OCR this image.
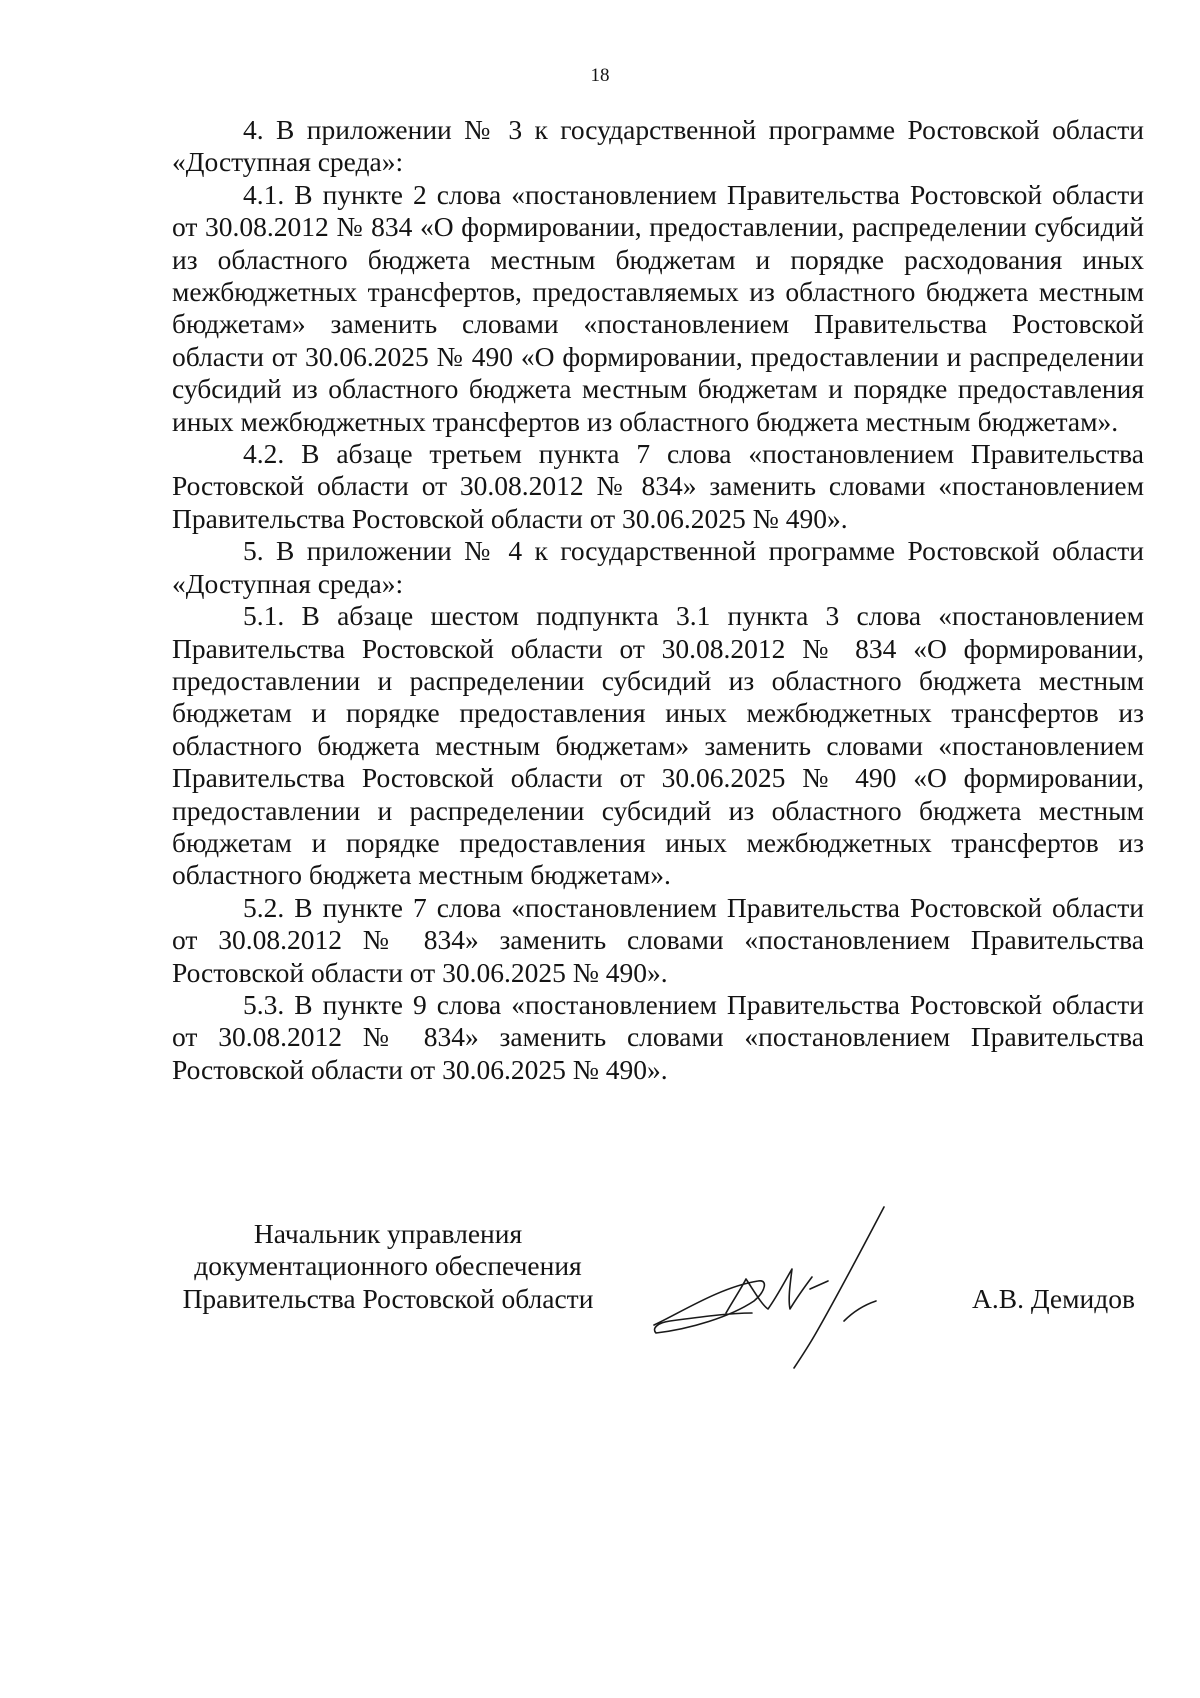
18

4. В приложении № 3 к государственной программе Ростовской области «Доступная среда»:

4.1. В пункте 2 слова «постановлением Правительства Ростовской области от 30.08.2012 № 834 «О формировании, предоставлении, распределении субсидий из областного бюджета местным бюджетам и порядке расходования иных межбюджетных трансфертов, предоставляемых из областного бюджета местным бюджетам» заменить словами «постановлением Правительства Ростовской области от 30.06.2025 № 490 «О формировании, предоставлении и распределении субсидий из областного бюджета местным бюджетам и порядке предоставления иных межбюджетных трансфертов из областного бюджета местным бюджетам».

4.2. В абзаце третьем пункта 7 слова «постановлением Правительства Ростовской области от 30.08.2012 № 834» заменить словами «постановлением Правительства Ростовской области от 30.06.2025 № 490».

5. В приложении № 4 к государственной программе Ростовской области «Доступная среда»:

5.1. В абзаце шестом подпункта 3.1 пункта 3 слова «постановлением Правительства Ростовской области от 30.08.2012 № 834 «О формировании, предоставлении и распределении субсидий из областного бюджета местным бюджетам и порядке предоставления иных межбюджетных трансфертов из областного бюджета местным бюджетам» заменить словами «постановлением Правительства Ростовской области от 30.06.2025 № 490 «О формировании, предоставлении и распределении субсидий из областного бюджета местным бюджетам и порядке предоставления иных межбюджетных трансфертов из областного бюджета местным бюджетам».

5.2. В пункте 7 слова «постановлением Правительства Ростовской области от 30.08.2012 № 834» заменить словами «постановлением Правительства Ростовской области от 30.06.2025 № 490».

5.3. В пункте 9 слова «постановлением Правительства Ростовской области от 30.08.2012 № 834» заменить словами «постановлением Правительства Ростовской области от 30.06.2025 № 490».

Начальник управления
документационного обеспечения
Правительства Ростовской области	А.В. Демидов
